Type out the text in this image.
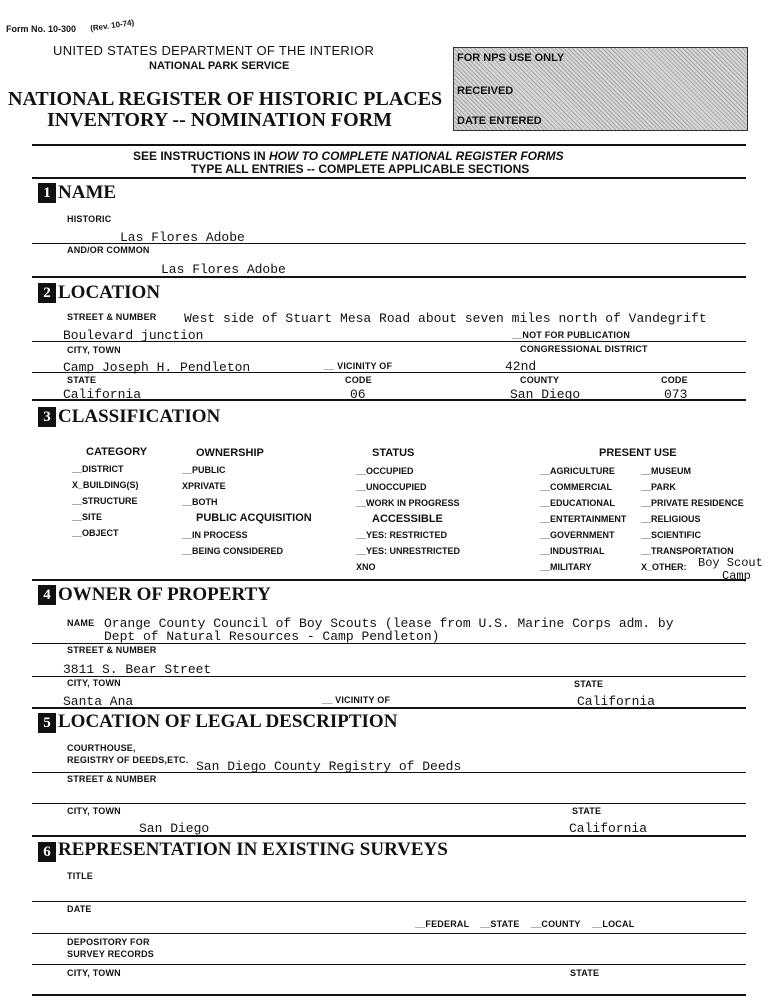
Form No. 10-300 (Rev. 10-74)
UNITED STATES DEPARTMENT OF THE INTERIOR
NATIONAL PARK SERVICE
NATIONAL REGISTER OF HISTORIC PLACES
INVENTORY -- NOMINATION FORM
FOR NPS USE ONLY
RECEIVED
DATE ENTERED
SEE INSTRUCTIONS IN HOW TO COMPLETE NATIONAL REGISTER FORMS
TYPE ALL ENTRIES -- COMPLETE APPLICABLE SECTIONS
1 NAME
HISTORIC
Las Flores Adobe
AND/OR COMMON
Las Flores Adobe
2 LOCATION
STREET & NUMBER West side of Stuart Mesa Road about seven miles north of Vandegrift
Boulevard junction	__NOT FOR PUBLICATION
CITY, TOWN	CONGRESSIONAL DISTRICT
Camp Joseph H. Pendleton	__ VICINITY OF	42nd
STATE	CODE	COUNTY	CODE
California	06	San Diego	073
3 CLASSIFICATION
CATEGORY
__DISTRICT
X_BUILDING(S)
__STRUCTURE
__SITE
__OBJECT
OWNERSHIP
__PUBLIC
XPRIVATE
__BOTH
PUBLIC ACQUISITION
__IN PROCESS
__BEING CONSIDERED
STATUS
__OCCUPIED
__UNOCCUPIED
__WORK IN PROGRESS
ACCESSIBLE
__YES: RESTRICTED
__YES: UNRESTRICTED
XNO
PRESENT USE
__AGRICULTURE
__COMMERCIAL
__EDUCATIONAL
__ENTERTAINMENT
__GOVERNMENT
__INDUSTRIAL
__MILITARY
__MUSEUM
__PARK
__PRIVATE RESIDENCE
__RELIGIOUS
__SCIENTIFIC
__TRANSPORTATION
X_OTHER: Boy Scout
Camp
4 OWNER OF PROPERTY
NAME Orange County Council of Boy Scouts (lease from U.S. Marine Corps adm. by
Dept of Natural Resources - Camp Pendleton)
STREET & NUMBER
3811 S. Bear Street
CITY, TOWN	STATE
Santa Ana	__ VICINITY OF	California
5 LOCATION OF LEGAL DESCRIPTION
COURTHOUSE,
REGISTRY OF DEEDS,ETC. San Diego County Registry of Deeds
STREET & NUMBER
CITY, TOWN	STATE
San Diego	California
6 REPRESENTATION IN EXISTING SURVEYS
TITLE
DATE
__FEDERAL __STATE __COUNTY __LOCAL
DEPOSITORY FOR
SURVEY RECORDS
CITY, TOWN	STATE
